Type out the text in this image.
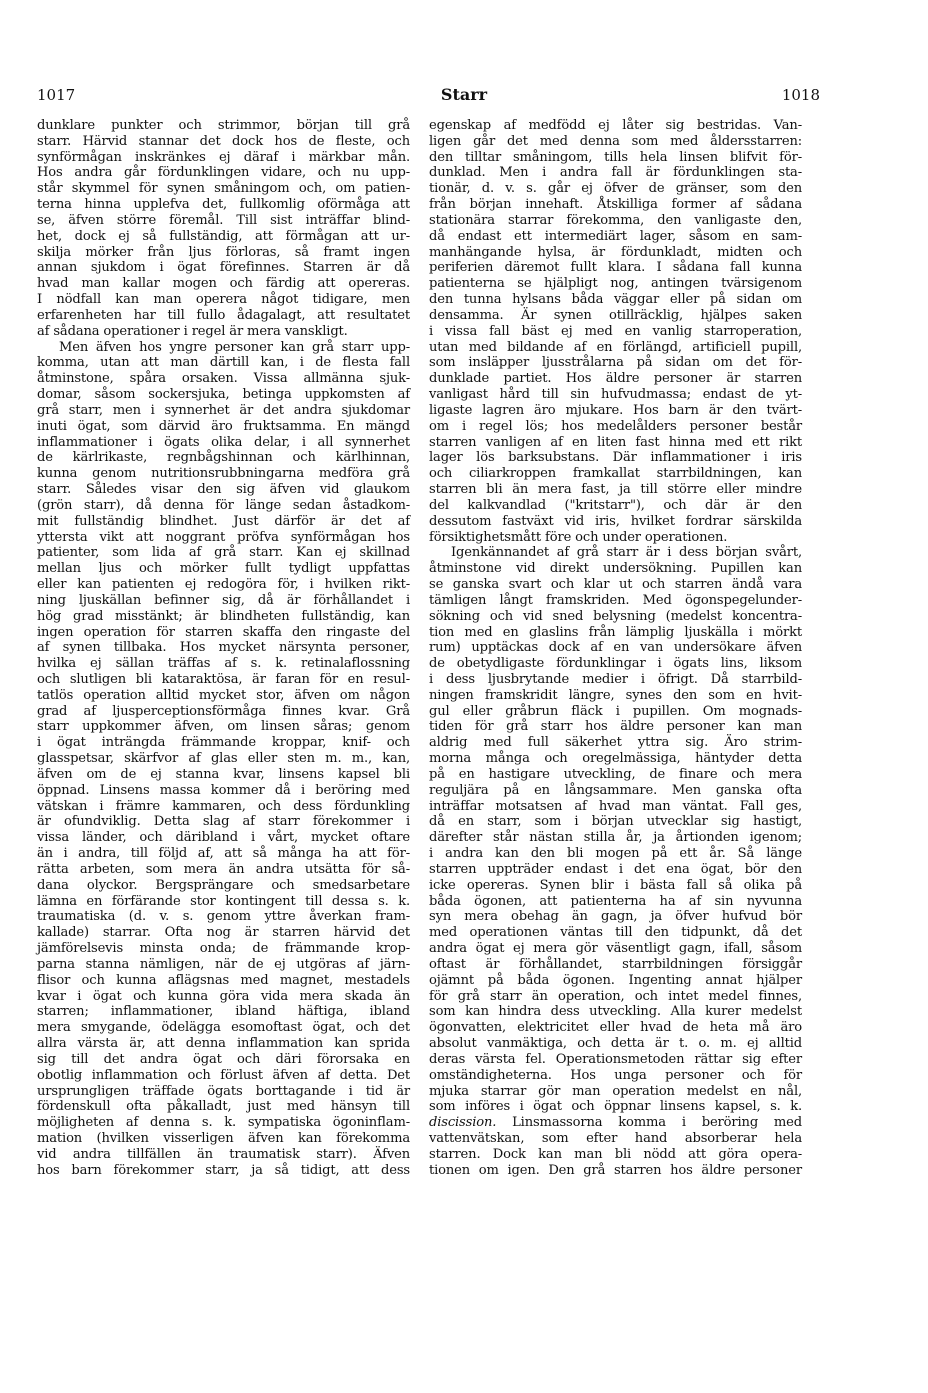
1017	Starr	1018
dunklare punkter och strimmor, början till grå
starr. Härvid stannar det dock hos de fleste, och
synförmågan inskränkes ej däraf i märkbar mån.
Hos andra går fördunklingen vidare, och nu upp-
står skymmel för synen småningom och, om patien-
terna hinna upplefva det, fullkomlig oförmåga att
se, äfven större föremål. Till sist inträffar blind-
het, dock ej så fullständig, att förmågan att ur-
skilja mörker från ljus förloras, så framt ingen
annan sjukdom i ögat förefinnes. Starren är då
hvad man kallar mogen och färdig att opereras.
I nödfall kan man operera något tidigare, men
erfarenheten har till fullo ådagalagt, att resultatet
af sådana operationer i regel är mera vanskligt.
Men äfven hos yngre personer kan grå starr upp-
komma, utan att man därtill kan, i de flesta fall
åtminstone, spåra orsaken. Vissa allmänna sjuk-
domar, såsom sockersjuka, betinga uppkomsten af
grå starr, men i synnerhet är det andra sjukdomar
inuti ögat, som därvid äro fruktsamma. En mängd
inflammationer i ögats olika delar, i all synnerhet
de kärlrikaste, regnbågshinnan och kärlhinnan,
kunna genom nutritionsrubbningarna medföra grå
starr. Således visar den sig äfven vid glaukom
(grön starr), då denna för länge sedan åstadkom-
mit fullständig blindhet. Just därför är det af
yttersta vikt att noggrant pröfva synförmågan hos
patienter, som lida af grå starr. Kan ej skillnad
mellan ljus och mörker fullt tydligt uppfattas
eller kan patienten ej redogöra för, i hvilken rikt-
ning ljuskällan befinner sig, då är förhållandet i
hög grad misstänkt; är blindheten fullständig, kan
ingen operation för starren skaffa den ringaste del
af synen tillbaka. Hos mycket närsynta personer,
hvilka ej sällan träffas af s. k. retinalaflossning
och slutligen bli kataraktösa, är faran för en resul-
tatlös operation alltid mycket stor, äfven om någon
grad af ljusperceptionsförmåga finnes kvar. Grå
starr uppkommer äfven, om linsen såras; genom
i ögat inträngda främmande kroppar, knif- och
glasspetsar, skärfvor af glas eller sten m. m., kan,
äfven om de ej stanna kvar, linsens kapsel bli
öppnad. Linsens massa kommer då i beröring med
vätskan i främre kammaren, och dess fördunkling
är ofundviklig. Detta slag af starr förekommer i
vissa länder, och däribland i vårt, mycket oftare
än i andra, till följd af, att så många ha att för-
rätta arbeten, som mera än andra utsätta för så-
dana olyckor. Bergsprängare och smedsarbetare
lämna en förfärande stor kontingent till dessa s. k.
traumatiska (d. v. s. genom yttre åverkan fram-
kallade) starrar. Ofta nog är starren härvid det
jämförelsevis minsta onda; de främmande krop-
parna stanna nämligen, när de ej utgöras af järn-
flisor och kunna aflägsnas med magnet, mestadels
kvar i ögat och kunna göra vida mera skada än
starren; inflammationer, ibland häftiga, ibland
mera smygande, ödelägga esomoftast ögat, och det
allra värsta är, att denna inflammation kan sprida
sig till det andra ögat och däri förorsaka en
obotlig inflammation och förlust äfven af detta. Det
ursprungligen träffade ögats borttagande i tid är
fördenskull ofta påkalladt, just med hänsyn till
möjligheten af denna s. k. sympatiska ögoninflam-
mation (hvilken visserligen äfven kan förekomma
vid andra tillfällen än traumatisk starr). Äfven
hos barn förekommer starr, ja så tidigt, att dess
egenskap af medfödd ej låter sig bestridas. Van-
ligen går det med denna som med åldersstarren:
den tilltar småningom, tills hela linsen blifvit för-
dunklad. Men i andra fall är fördunklingen sta-
tionär, d. v. s. går ej öfver de gränser, som den
från början innehaft. Åtskilliga former af sådana
stationära starrar förekomma, den vanligaste den,
då endast ett intermediärt lager, såsom en sam-
manhängande hylsa, är fördunkladt, midten och
periferien däremot fullt klara. I sådana fall kunna
patienterna se hjälpligt nog, antingen tvärsigenom
den tunna hylsans båda väggar eller på sidan om
densamma. Är synen otillräcklig, hjälpes saken
i vissa fall bäst ej med en vanlig starroperation,
utan med bildande af en förlängd, artificiell pupill,
som insläpper ljusstrålarna på sidan om det för-
dunklade partiet. Hos äldre personer är starren
vanligast hård till sin hufvudmassa; endast de yt-
ligaste lagren äro mjukare. Hos barn är den tvärt-
om i regel lös; hos medelålders personer består
starren vanligen af en liten fast hinna med ett rikt
lager lös barksubstans. Där inflammationer i iris
och ciliarkroppen framkallat starrbildningen, kan
starren bli än mera fast, ja till större eller mindre
del kalkvandlad ("kritstarr"), och där är den
dessutom fastväxt vid iris, hvilket fordrar särskilda
försiktighetsmått före och under operationen.
Igenkännandet af grå starr är i dess början svårt,
åtminstone vid direkt undersökning. Pupillen kan
se ganska svart och klar ut och starren ändå vara
tämligen långt framskriden. Med ögonspegelunder-
sökning och vid sned belysning (medelst koncentra-
tion med en glaslins från lämplig ljuskälla i mörkt
rum) upptäckas dock af en van undersökare äfven
de obetydligaste fördunklingar i ögats lins, liksom
i dess ljusbrytande medier i öfrigt. Då starrbild-
ningen framskridit längre, synes den som en hvit-
gul eller gråbrun fläck i pupillen. Om mognads-
tiden för grå starr hos äldre personer kan man
aldrig med full säkerhet yttra sig. Äro strim-
morna många och oregelmässiga, häntyder detta
på en hastigare utveckling, de finare och mera
reguljära på en långsammare. Men ganska ofta
inträffar motsatsen af hvad man väntat. Fall ges,
då en starr, som i början utvecklar sig hastigt,
därefter står nästan stilla år, ja årtionden igenom;
i andra kan den bli mogen på ett år. Så länge
starren uppträder endast i det ena ögat, bör den
icke opereras. Synen blir i bästa fall så olika på
båda ögonen, att patienterna ha af sin nyvunna
syn mera obehag än gagn, ja öfver hufvud bör
med operationen väntas till den tidpunkt, då det
andra ögat ej mera gör väsentligt gagn, ifall, såsom
oftast är förhållandet, starrbildningen försiggår
ojämnt på båda ögonen. Ingenting annat hjälper
för grå starr än operation, och intet medel finnes,
som kan hindra dess utveckling. Alla kurer medelst
ögonvatten, elektricitet eller hvad de heta må äro
absolut vanmäktiga, och detta är t. o. m. ej alltid
deras värsta fel. Operationsmetoden rättar sig efter
omständigheterna. Hos unga personer och för
mjuka starrar gör man operation medelst en nål,
som införes i ögat och öppnar linsens kapsel, s. k.
discission. Linsmassorna komma i beröring med
vattenvätskan, som efter hand absorberar hela
starren. Dock kan man bli nödd att göra opera-
tionen om igen. Den grå starren hos äldre personer
